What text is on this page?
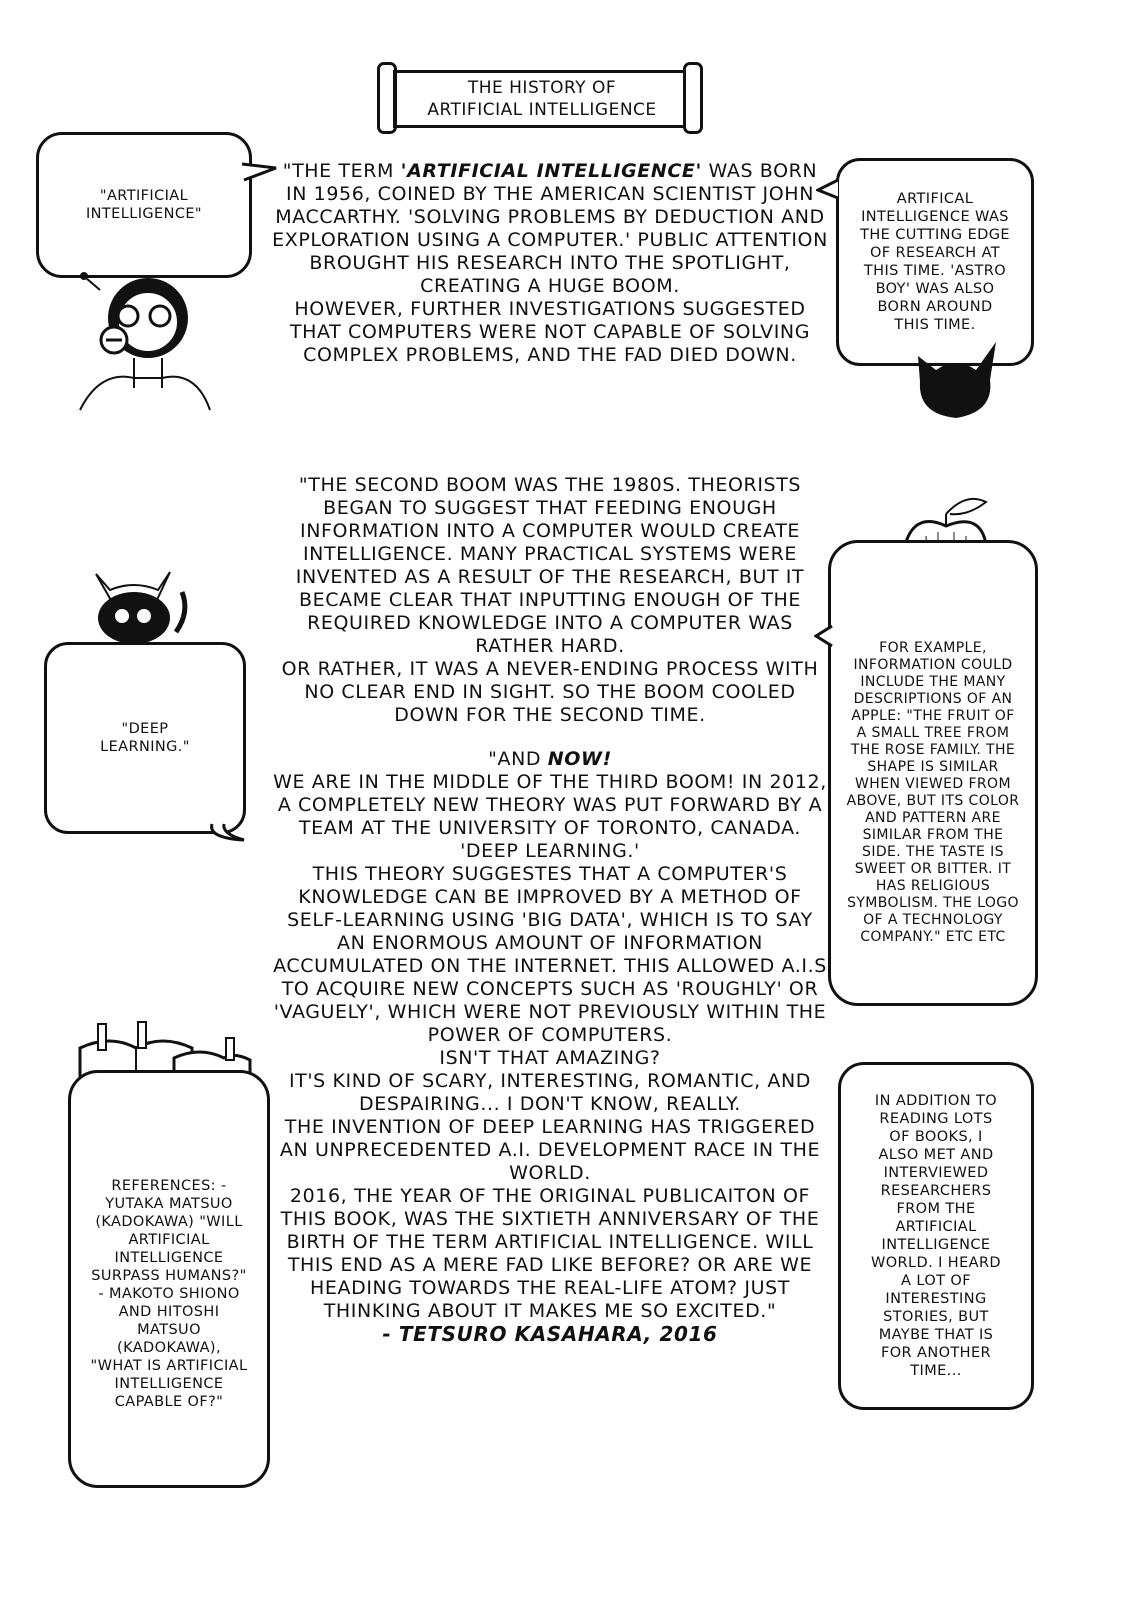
THE HISTORY OF
ARTIFICIAL INTELLIGENCE

"THE TERM 'ARTIFICIAL INTELLIGENCE' WAS BORN IN 1956, COINED BY THE AMERICAN SCIENTIST JOHN MACCARTHY. 'SOLVING PROBLEMS BY DEDUCTION AND EXPLORATION USING A COMPUTER.' PUBLIC ATTENTION BROUGHT HIS RESEARCH INTO THE SPOTLIGHT, CREATING A HUGE BOOM.

HOWEVER, FURTHER INVESTIGATIONS SUGGESTED THAT COMPUTERS WERE NOT CAPABLE OF SOLVING COMPLEX PROBLEMS, AND THE FAD DIED DOWN.

"THE SECOND BOOM WAS THE 1980S. THEORISTS BEGAN TO SUGGEST THAT FEEDING ENOUGH INFORMATION INTO A COMPUTER WOULD CREATE INTELLIGENCE. MANY PRACTICAL SYSTEMS WERE INVENTED AS A RESULT OF THE RESEARCH, BUT IT BECAME CLEAR THAT INPUTTING ENOUGH OF THE REQUIRED KNOWLEDGE INTO A COMPUTER WAS RATHER HARD.

OR RATHER, IT WAS A NEVER-ENDING PROCESS WITH NO CLEAR END IN SIGHT. SO THE BOOM COOLED DOWN FOR THE SECOND TIME.

"AND NOW!

WE ARE IN THE MIDDLE OF THE THIRD BOOM! IN 2012, A COMPLETELY NEW THEORY WAS PUT FORWARD BY A TEAM AT THE UNIVERSITY OF TORONTO, CANADA.

'DEEP LEARNING.'

THIS THEORY SUGGESTES THAT A COMPUTER'S KNOWLEDGE CAN BE IMPROVED BY A METHOD OF SELF-LEARNING USING 'BIG DATA', WHICH IS TO SAY AN ENORMOUS AMOUNT OF INFORMATION ACCUMULATED ON THE INTERNET. THIS ALLOWED A.I.S TO ACQUIRE NEW CONCEPTS SUCH AS 'ROUGHLY' OR 'VAGUELY', WHICH WERE NOT PREVIOUSLY WITHIN THE POWER OF COMPUTERS.

ISN'T THAT AMAZING?

IT'S KIND OF SCARY, INTERESTING, ROMANTIC, AND DESPAIRING... I DON'T KNOW, REALLY.

THE INVENTION OF DEEP LEARNING HAS TRIGGERED AN UNPRECEDENTED A.I. DEVELOPMENT RACE IN THE WORLD.

2016, THE YEAR OF THE ORIGINAL PUBLICAITON OF THIS BOOK, WAS THE SIXTIETH ANNIVERSARY OF THE BIRTH OF THE TERM ARTIFICIAL INTELLIGENCE. WILL THIS END AS A MERE FAD LIKE BEFORE? OR ARE WE HEADING TOWARDS THE REAL-LIFE ATOM? JUST THINKING ABOUT IT MAKES ME SO EXCITED."

- TETSURO KASAHARA, 2016

"ARTIFICIAL INTELLIGENCE"
ARTIFICAL INTELLIGENCE WAS THE CUTTING EDGE OF RESEARCH AT THIS TIME. 'ASTRO BOY' WAS ALSO BORN AROUND THIS TIME.
"DEEP LEARNING."
FOR EXAMPLE, INFORMATION COULD INCLUDE THE MANY DESCRIPTIONS OF AN APPLE: "THE FRUIT OF A SMALL TREE FROM THE ROSE FAMILY. THE SHAPE IS SIMILAR WHEN VIEWED FROM ABOVE, BUT ITS COLOR AND PATTERN ARE SIMILAR FROM THE SIDE. THE TASTE IS SWEET OR BITTER. IT HAS RELIGIOUS SYMBOLISM. THE LOGO OF A TECHNOLOGY COMPANY." ETC ETC
REFERENCES: - YUTAKA MATSUO (KADOKAWA) "WILL ARTIFICIAL INTELLIGENCE SURPASS HUMANS?" - MAKOTO SHIONO AND HITOSHI MATSUO (KADOKAWA), "WHAT IS ARTIFICIAL INTELLIGENCE CAPABLE OF?"
IN ADDITION TO READING LOTS OF BOOKS, I ALSO MET AND INTERVIEWED RESEARCHERS FROM THE ARTIFICIAL INTELLIGENCE WORLD. I HEARD A LOT OF INTERESTING STORIES, BUT MAYBE THAT IS FOR ANOTHER TIME...
